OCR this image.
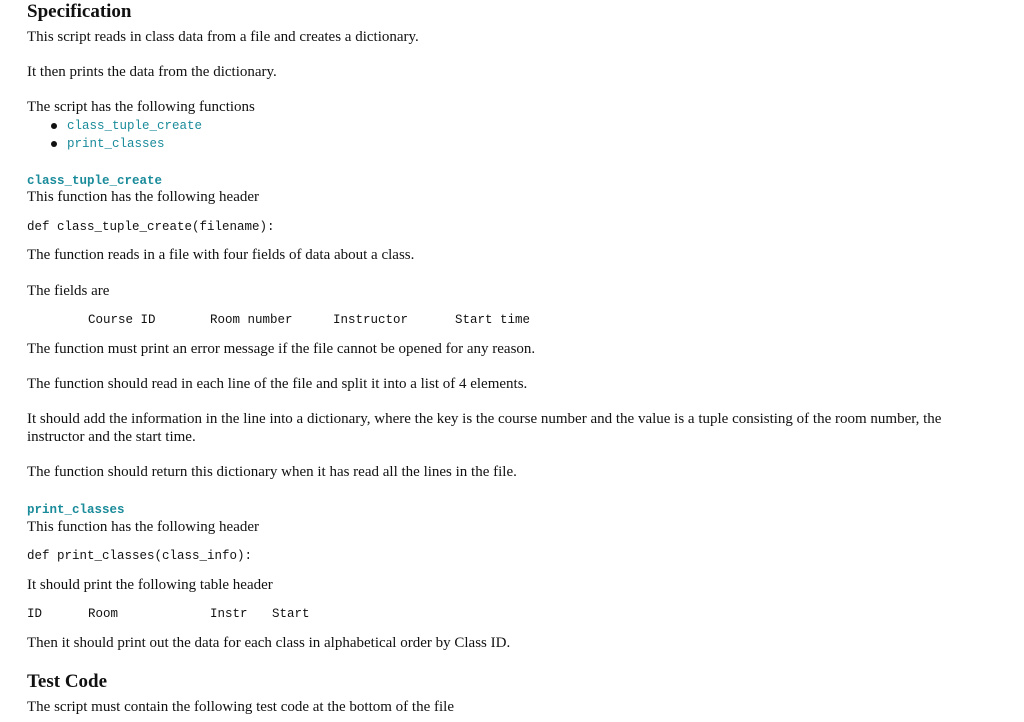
Specification
This script reads in class data from a file and creates a dictionary.
It then prints the data from the dictionary.
The script has the following functions
class_tuple_create
print_classes
class_tuple_create
This function has the following header
def class_tuple_create(filename):
The function reads in a file with four fields of data about a class.
The fields are
Course ID	Room number	Instructor	Start time
The function must print an error message if the file cannot be opened for any reason.
The function should read in each line of the file and split it into a list of 4 elements.
It should add the information in the line into a dictionary, where the key is the course number and the value is a tuple consisting of the room number, the instructor and the start time.
The function should return this dictionary when it has read all the lines in the file.
print_classes
This function has the following header
def print_classes(class_info):
It should print the following table header
ID	Room	Instr Start
Then it should print out the data for each class in alphabetical order by Class ID.
Test Code
The script must contain the following test code at the bottom of the file
